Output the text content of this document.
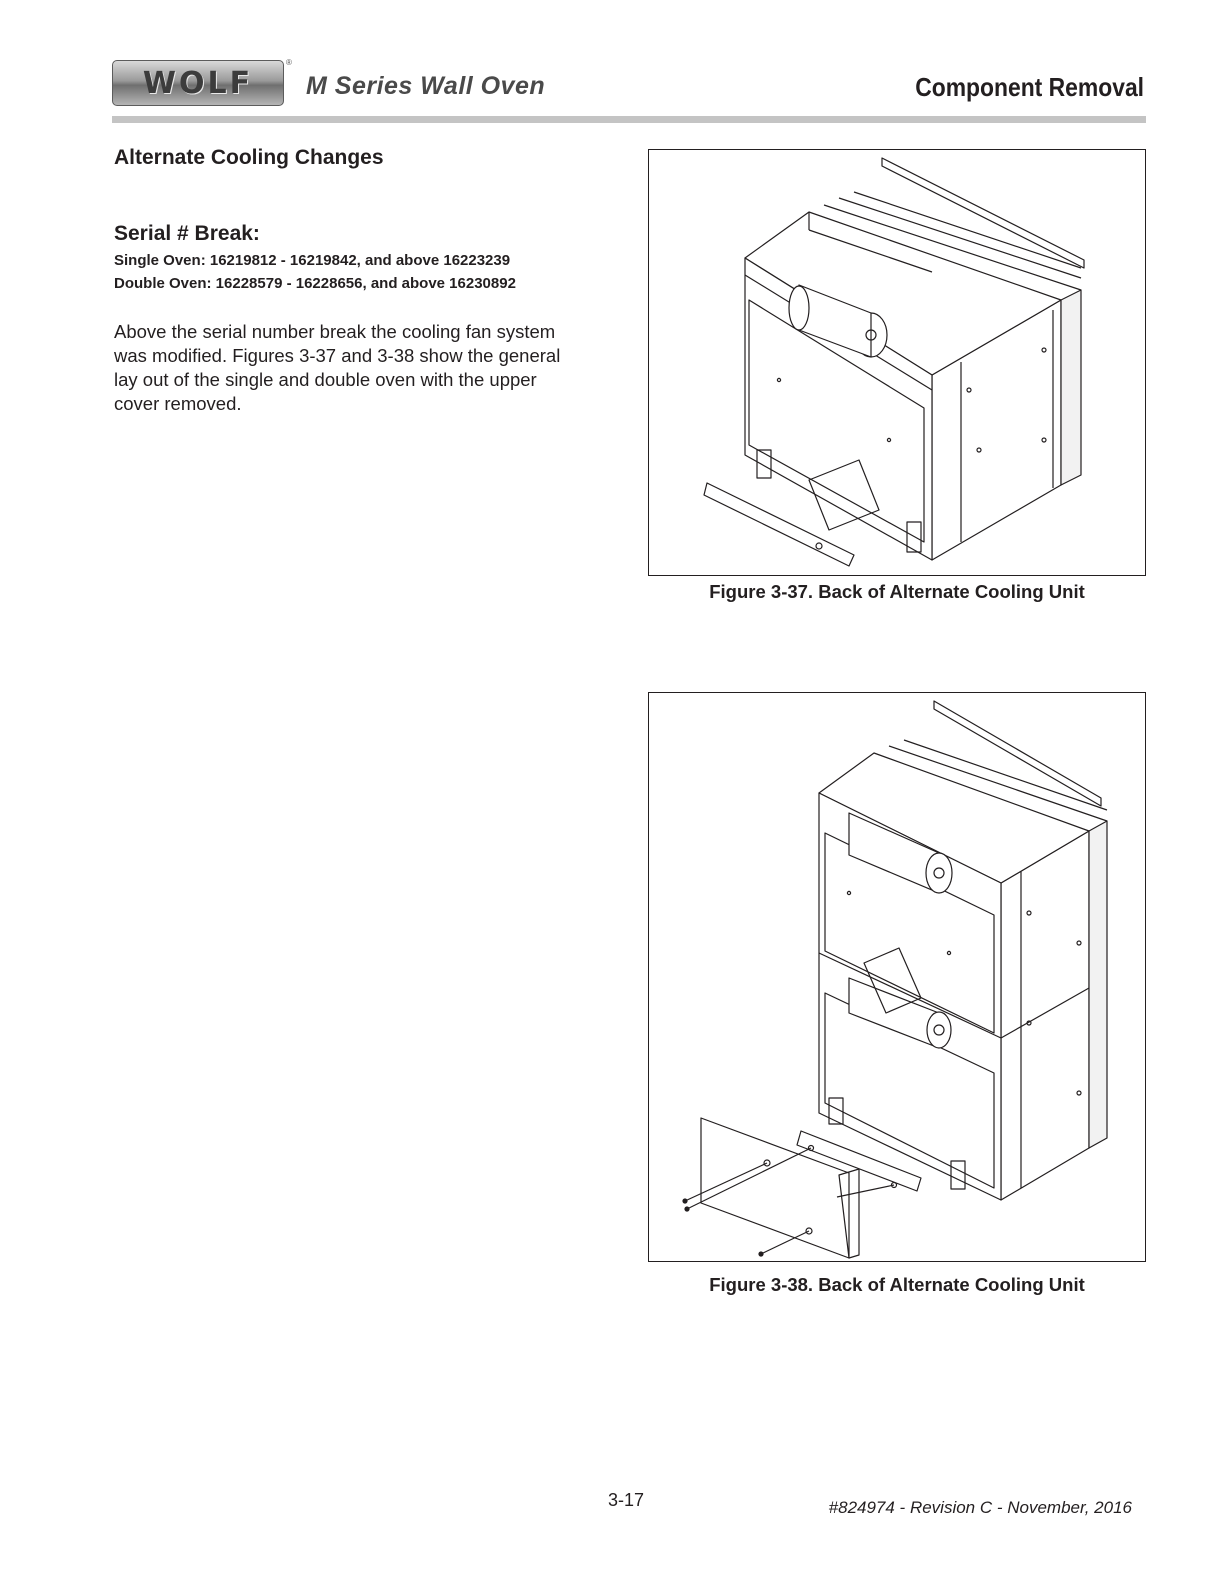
WOLF
®
M Series Wall Oven	Component Removal
Alternate Cooling Changes
Serial # Break:
Single Oven: 16219812 - 16219842, and above 16223239
Double Oven: 16228579 - 16228656, and above 16230892
Above the serial number break the cooling fan system
was modified. Figures 3-37 and 3-38 show the general
lay out of the single and double oven with the upper
cover removed.
Figure 3-37. Back of Alternate Cooling Unit
Figure 3-38. Back of Alternate Cooling Unit
3-17	#824974 - Revision C - November, 2016
